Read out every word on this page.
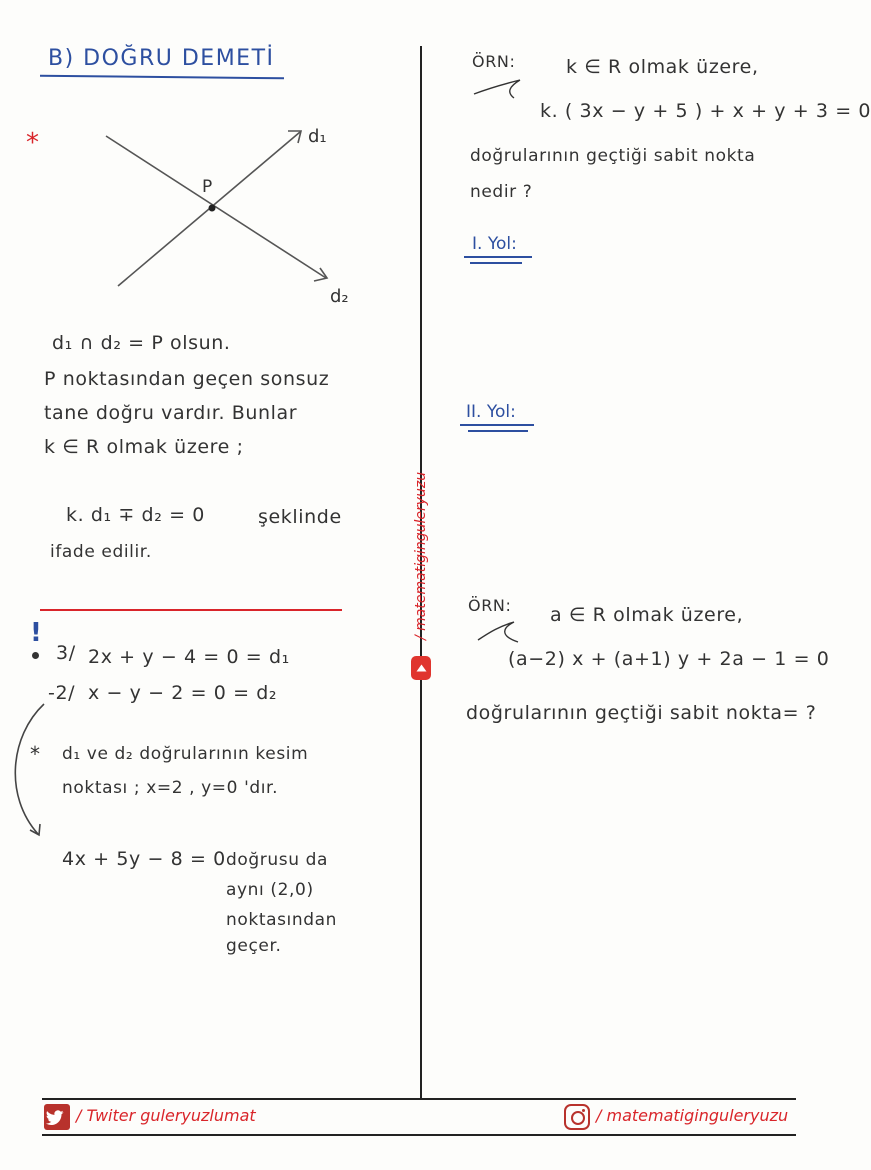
B) DOĞRU DEMETİ
*
P
d₁
d₂
d₁ ∩ d₂ = P olsun.
P noktasından geçen sonsuz
tane doğru vardır. Bunlar
k ∈ R olmak üzere ;
k. d₁ ∓ d₂ = 0	şeklinde
ifade edilir.
!
3/ 2x + y − 4 = 0 = d₁
-2/ x − y − 2 = 0 = d₂
* d₁ ve d₂ doğrularının kesim
noktası ; x=2 , y=0 'dır.
4x + 5y − 8 = 0 doğrusu da
aynı (2,0)
noktasından
geçer.
/ matematiginguleryuzu
ÖRN:	k ∈ R olmak üzere,
k. ( 3x − y + 5 ) + x + y + 3 = 0
doğrularının geçtiği sabit nokta
nedir ?
I. Yol:
II. Yol:
ÖRN: a ∈ R olmak üzere,
(a−2) x + (a+1) y + 2a − 1 = 0
doğrularının geçtiği sabit nokta= ?
/ Twiter guleryuzlumat	/ matematiginguleryuzu
